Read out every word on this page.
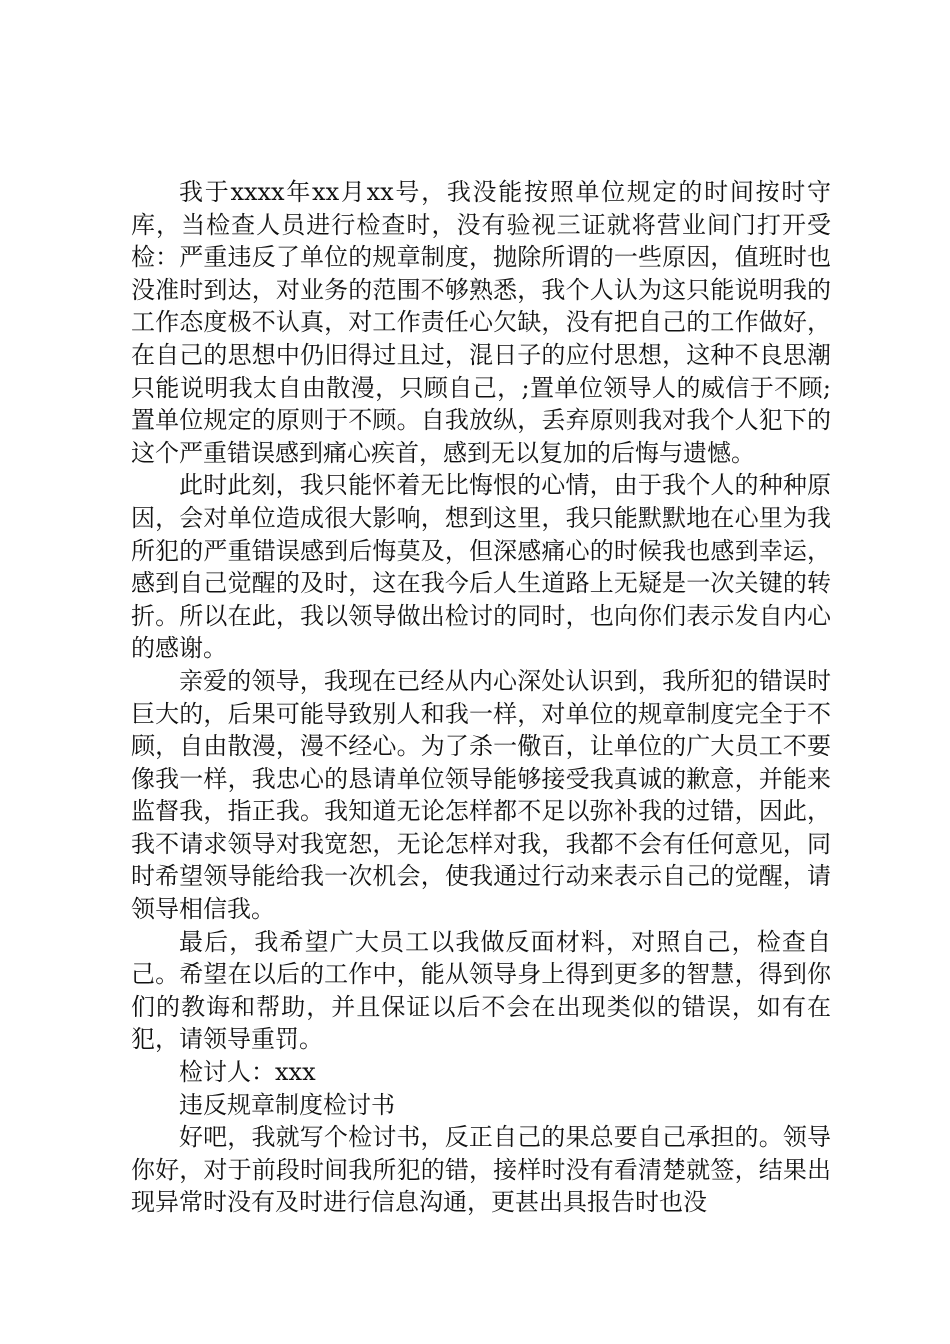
我于xxxx年xx月xx号，我没能按照单位规定的时间按时守库，当检查人员进行检查时，没有验视三证就将营业间门打开受检：严重违反了单位的规章制度，抛除所谓的一些原因，值班时也没准时到达，对业务的范围不够熟悉，我个人认为这只能说明我的工作态度极不认真，对工作责任心欠缺，没有把自己的工作做好，在自己的思想中仍旧得过且过，混日子的应付思想，这种不良思潮只能说明我太自由散漫，只顾自己，;置单位领导人的威信于不顾;置单位规定的原则于不顾。自我放纵，丢弃原则我对我个人犯下的这个严重错误感到痛心疾首，感到无以复加的后悔与遗憾。

此时此刻，我只能怀着无比悔恨的心情，由于我个人的种种原因，会对单位造成很大影响，想到这里，我只能默默地在心里为我所犯的严重错误感到后悔莫及，但深感痛心的时候我也感到幸运，感到自己觉醒的及时，这在我今后人生道路上无疑是一次关键的转折。所以在此，我以领导做出检讨的同时，也向你们表示发自内心的感谢。

亲爱的领导，我现在已经从内心深处认识到，我所犯的错误时巨大的，后果可能导致别人和我一样，对单位的规章制度完全于不顾，自由散漫，漫不经心。为了杀一儆百，让单位的广大员工不要像我一样，我忠心的恳请单位领导能够接受我真诚的歉意，并能来监督我，指正我。我知道无论怎样都不足以弥补我的过错，因此，我不请求领导对我宽恕，无论怎样对我，我都不会有任何意见，同时希望领导能给我一次机会，使我通过行动来表示自己的觉醒，请领导相信我。

最后，我希望广大员工以我做反面材料，对照自己，检查自己。希望在以后的工作中，能从领导身上得到更多的智慧，得到你们的教诲和帮助，并且保证以后不会在出现类似的错误，如有在犯，请领导重罚。

检讨人：xxx

违反规章制度检讨书

好吧，我就写个检讨书，反正自己的果总要自己承担的。领导你好，对于前段时间我所犯的错，接样时没有看清楚就签，结果出现异常时没有及时进行信息沟通，更甚出具报告时也没
